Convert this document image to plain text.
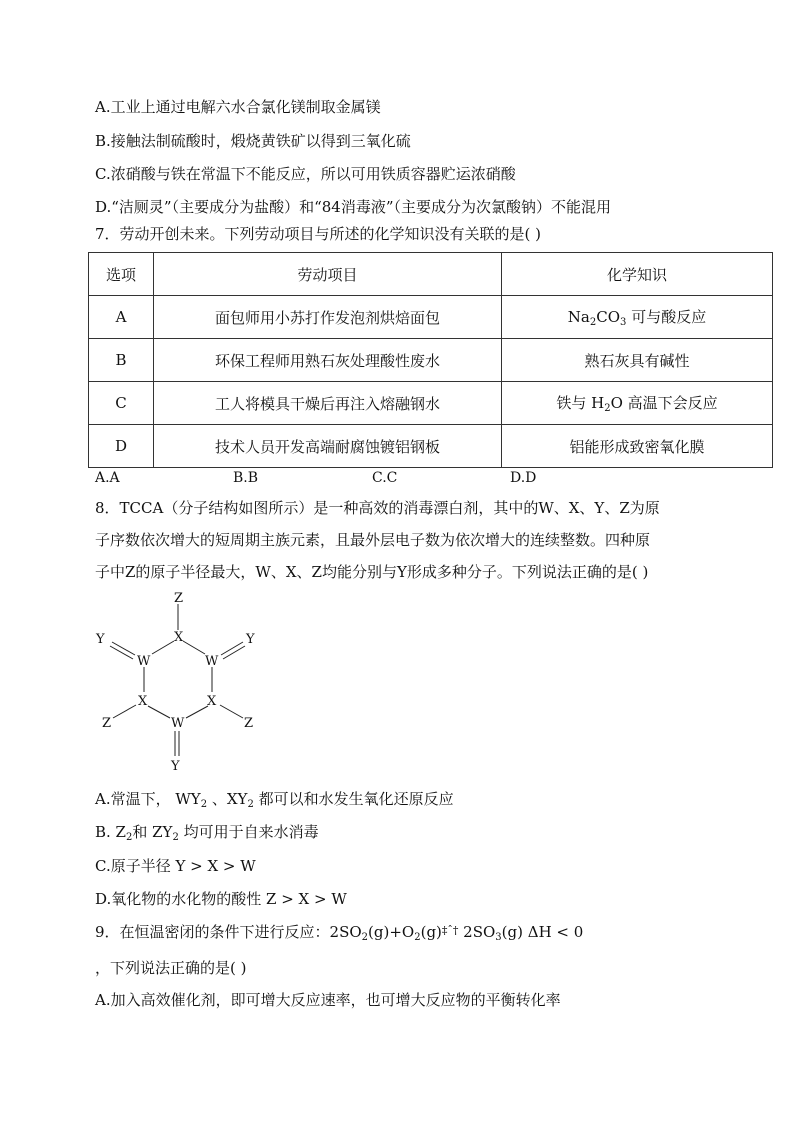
A.工业上通过电解六水合氯化镁制取金属镁
B.接触法制硫酸时，煅烧黄铁矿以得到三氧化硫
C.浓硝酸与铁在常温下不能反应，所以可用铁质容器贮运浓硝酸
D.“洁厕灵”（主要成分为盐酸）和“84消毒液”（主要成分为次氯酸钠）不能混用
7．劳动开创未来。下列劳动项目与所述的化学知识没有关联的是( )
选项	劳动项目	化学知识
A	面包师用小苏打作发泡剂烘焙面包	$Na_2CO_3$ 可与酸反应
B	环保工程师用熟石灰处理酸性废水	熟石灰具有碱性
C	工人将模具干燥后再注入熔融钢水	铁与 $H_2O$ 高温下会反应
D	技术人员开发高端耐腐蚀镀铝钢板	铝能形成致密氧化膜
A.A	B.B	C.C	D.D
8．TCCA（分子结构如图所示）是一种高效的消毒漂白剂，其中的W、X、Y、Z为原
子序数依次增大的短周期主族元素，且最外层电子数为依次增大的连续整数。四种原
子中Z的原子半径最大，W、X、Z均能分别与Y形成多种分子。下列说法正确的是( )
Z
X
Y	Y
W	W
X	X
W
Z	Z
Y
A.常温下， $WY_2$ 、$XY_2$ 都可以和水发生氧化还原反应
B. $Z_2$和 $ZY_2$ 均可用于自来水消毒
C.原子半径 Y > X > W
D.氧化物的水化物的酸性 Z > X > W
9．在恒温密闭的条件下进行反应：$2SO_2(g)+O_2(g)^{\ddagger ˆ\dagger}$ $2SO_3(g) \Delta H < 0$
，下列说法正确的是( )
A.加入高效催化剂，即可增大反应速率，也可增大反应物的平衡转化率
